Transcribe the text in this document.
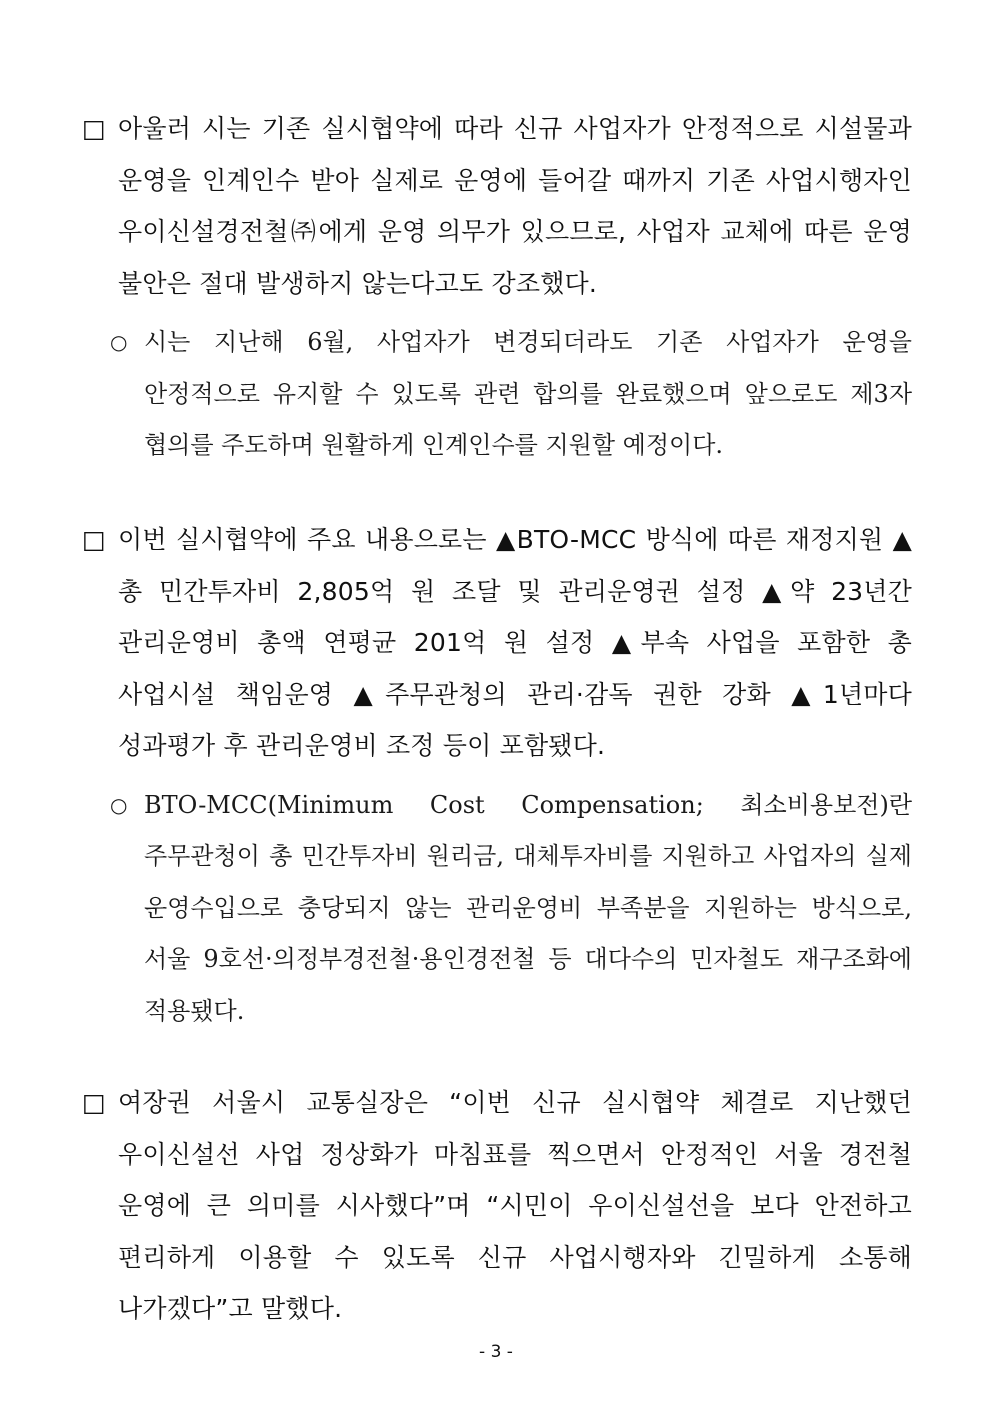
□ 아울러 시는 기존 실시협약에 따라 신규 사업자가 안정적으로 시설물과 운영을 인계인수 받아 실제로 운영에 들어갈 때까지 기존 사업시행자인 우이신설경전철㈜에게 운영 의무가 있으므로, 사업자 교체에 따른 운영 불안은 절대 발생하지 않는다고도 강조했다.
○ 시는 지난해 6월, 사업자가 변경되더라도 기존 사업자가 운영을 안정적으로 유지할 수 있도록 관련 합의를 완료했으며 앞으로도 제3자 협의를 주도하며 원활하게 인계인수를 지원할 예정이다.
□ 이번 실시협약에 주요 내용으로는 ▲BTO-MCC 방식에 따른 재정지원 ▲총 민간투자비 2,805억 원 조달 및 관리운영권 설정 ▲약 23년간 관리운영비 총액 연평균 201억 원 설정 ▲부속 사업을 포함한 총 사업시설 책임운영 ▲주무관청의 관리·감독 권한 강화 ▲1년마다 성과평가 후 관리운영비 조정 등이 포함됐다.
○ BTO-MCC(Minimum Cost Compensation; 최소비용보전)란 주무관청이 총 민간투자비 원리금, 대체투자비를 지원하고 사업자의 실제 운영수입으로 충당되지 않는 관리운영비 부족분을 지원하는 방식으로, 서울 9호선·의정부경전철·용인경전철 등 대다수의 민자철도 재구조화에 적용됐다.
□ 여장권 서울시 교통실장은 “이번 신규 실시협약 체결로 지난했던 우이신설선 사업 정상화가 마침표를 찍으면서 안정적인 서울 경전철 운영에 큰 의미를 시사했다”며 “시민이 우이신설선을 보다 안전하고 편리하게 이용할 수 있도록 신규 사업시행자와 긴밀하게 소통해 나가겠다”고 말했다.
- 3 -
